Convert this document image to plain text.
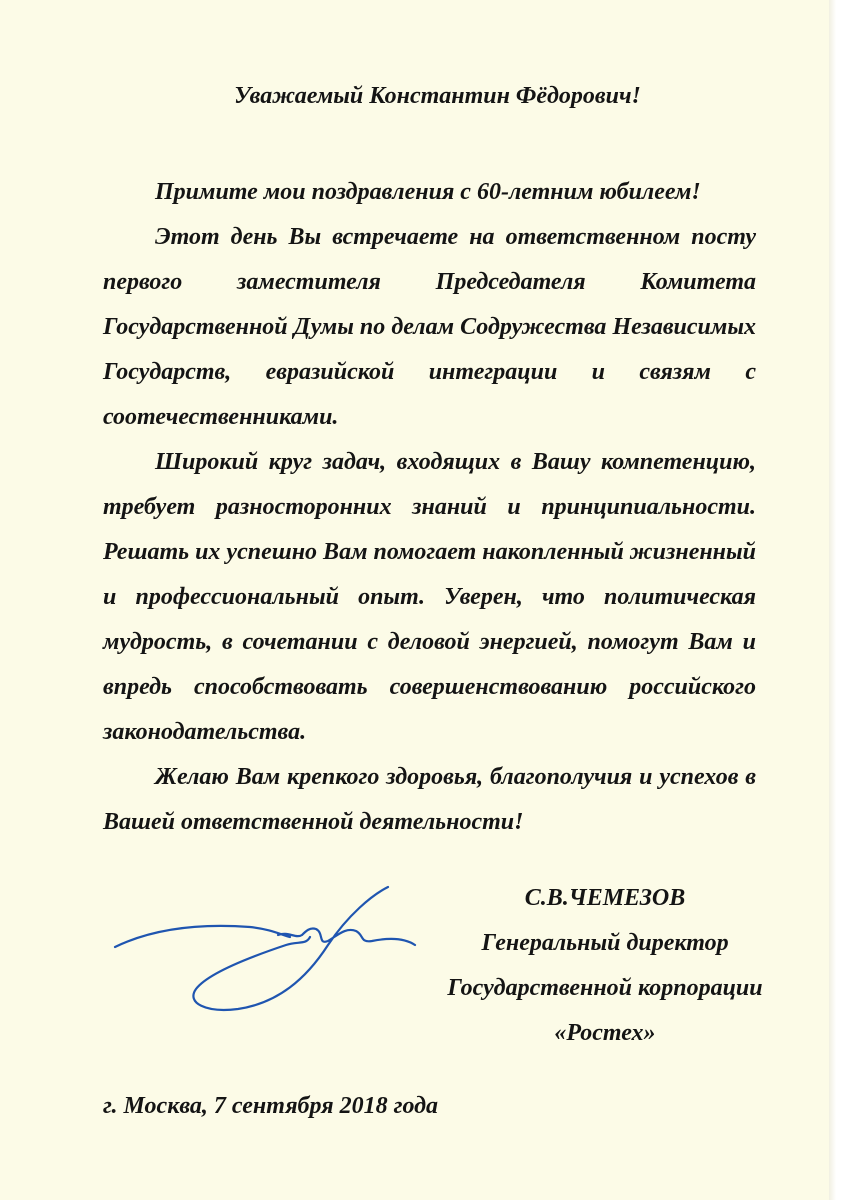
Уважаемый Константин Фёдорович!

Примите мои поздравления с 60-летним юбилеем!

Этот день Вы встречаете на ответственном посту первого заместителя Председателя Комитета Государственной Думы по делам Содружества Независимых Государств, евразийской интеграции и связям с соотечественниками.

Широкий круг задач, входящих в Вашу компетенцию, требует разносторонних знаний и принципиальности. Решать их успешно Вам помогает накопленный жизненный и профессиональный опыт. Уверен, что политическая мудрость, в сочетании с деловой энергией, помогут Вам и впредь способствовать совершенствованию российского законодательства.

Желаю Вам крепкого здоровья, благополучия и успехов в Вашей ответственной деятельности!

С.В.ЧЕМЕЗОВ
Генеральный директор
Государственной корпорации
«Ростех»
г. Москва, 7 сентября 2018 года
